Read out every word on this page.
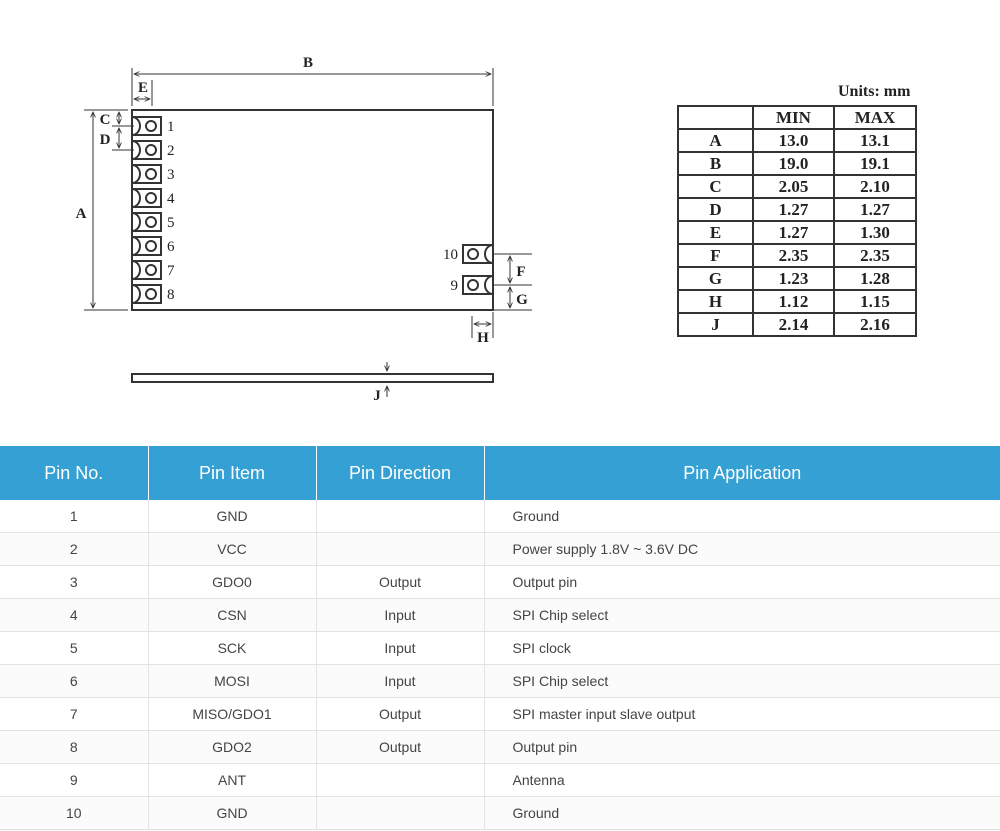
1
2
3
4
5
6
7
8
10
9
B
E
A
C
D
F
G
H
J
Units: mm
	MIN	MAX
A	13.0	13.1
B	19.0	19.1
C	2.05	2.10
D	1.27	1.27
E	1.27	1.30
F	2.35	2.35
G	1.23	1.28
H	1.12	1.15
J	2.14	2.16
Pin No.	Pin Item	Pin Direction	Pin Application
1	GND		Ground
2	VCC		Power supply 1.8V ~ 3.6V DC
3	GDO0	Output	Output pin
4	CSN	Input	SPI Chip select
5	SCK	Input	SPI clock
6	MOSI	Input	SPI Chip select
7	MISO/GDO1	Output	SPI master input slave output
8	GDO2	Output	Output pin
9	ANT		Antenna
10	GND		Ground
